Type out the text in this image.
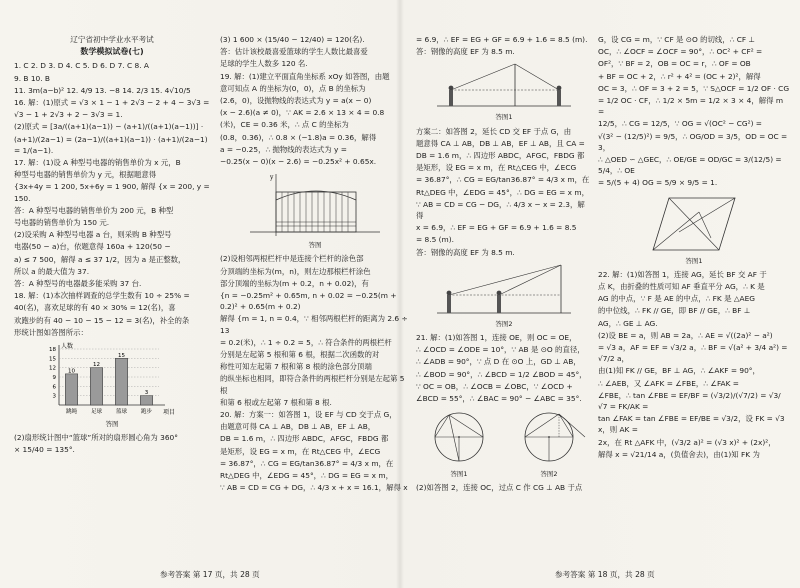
辽宁省初中学业水平考试

数学模拟试卷(七)

1. C 2. D 3. D 4. C 5. D 6. D 7. C 8. A

9. B 10. B

11. 3m(a−b)² 12. 4/9 13. −8 14. 2/3 15. 4√10/5

16. 解：(1)原式 = √3 × 1 − 1 + 2√3 − 2 + 4 − 3√3 =

√3 − 1 + 2√3 + 2 − 3√3 = 1.

(2)原式 = [3a/((a+1)(a−1)) − (a+1)/((a+1)(a−1))] ·

(a+1)/(2a−1) = (2a−1)/((a+1)(a−1)) · (a+1)/(2a−1) = 1/(a−1).

17. 解：(1)设 A 种型号电器的销售单价为 x 元，B

种型号电器的销售单价为 y 元，根据题意得

{3x+4y = 1 200, 5x+6y = 1 900, 解得 {x = 200, y = 150.

答：A 种型号电器的销售单价为 200 元，B 种型

号电器的销售单价为 150 元.

(2)设采购 A 种型号电器 a 台，则采购 B 种型号

电器(50 − a)台，依题意得 160a + 120(50 −

a) ≤ 7 500，解得 a ≤ 37 1/2，因为 a 是正整数，

所以 a 的最大值为 37.

答：A 种型号的电器最多能采购 37 台.

18. 解：(1)本次抽样调查的总学生数有 10 ÷ 25% =

40(名)，喜欢足球的有 40 × 30% = 12(名)，喜

欢跑步的有 40 − 10 − 15 − 12 = 3(名)，补全的条

形统计图如答图所示：

人数
项目
3
6
9
12
15
18
10
跳绳
12
足球
15
篮球
3
跑步
答图

(2)扇形统计图中“篮球”所对的扇形圆心角为 360°

× 15/40 = 135°.

(3) 1 600 × (15/40 − 12/40) = 120(名).

答：估计该校最喜爱篮球的学生人数比最喜爱

足球的学生人数多 120 名.

19. 解：(1)建立平面直角坐标系 xOy 如答图，由题

意可知点 A 的坐标为(0，0)，点 B 的坐标为

(2.6，0)，设抛物线的表达式为 y = a(x − 0)

(x − 2.6)(a ≠ 0)，∵ AK = 2.6 × 13 × 4 = 0.8

(米)，CE = 0.36 米，∴ 点 C 的坐标为

(0.8，0.36)，∴ 0.8 × (−1.8)a = 0.36，解得

a = −0.25，∴ 抛物线的表达式为 y =

−0.25(x − 0)(x − 2.6) = −0.25x² + 0.65x.

y
答图

(2)设相邻两根栏杆中是连接个栏杆的涂色部

分顶端的坐标为(m，n)，则左边那根栏杆涂色

部分顶端的坐标为(m + 0.2，n + 0.02)，有

{n = −0.25m² + 0.65m, n + 0.02 = −0.25(m + 0.2)² + 0.65(m + 0.2)

解得 {m = 1, n = 0.4，∵ 相邻两根栏杆的距离为 2.6 ÷ 13

= 0.2(米)，∴ 1 ÷ 0.2 = 5，∴ 符合条件的两根栏杆

分别是左起第 5 根和第 6 根，根据二次函数的对

称性可知左起第 7 根和第 8 根的涂色部分顶端

的纵坐标也相同，即符合条件的两根栏杆分别是左起第 5 根

和第 6 根或左起第 7 根和第 8 根.

20. 解：方案一：如答图 1，设 EF 与 CD 交于点 G，

由题意可得 CA ⊥ AB，DB ⊥ AB，EF ⊥ AB，

DB = 1.6 m，∴ 四边形 ABDC，AFGC，FBDG 都

是矩形，设 EG = x m，在 Rt△CEG 中，∠ECG

= 36.87°，∴ CG = EG/tan36.87° = 4/3 x m，在

Rt△DEG 中，∠EDG = 45°，∴ DG = EG = x m，

∵ AB = CD = CG + DG，∴ 4/3 x + x = 16.1，解得 x

= 6.9，∴ EF = EG + GF = 6.9 + 1.6 = 8.5 (m).

答：钢像的高度 EF 为 8.5 m.

答图1

方案二：如答图 2，延长 CD 交 EF 于点 G，由

题意得 CA ⊥ AB，DB ⊥ AB，EF ⊥ AB，且 CA =

DB = 1.6 m，∴ 四边形 ABDC，AFGC，FBDG 都

是矩形，设 EG = x m，在 Rt△CEG 中，∠ECG

= 36.87°，∴ CG = EG/tan36.87° = 4/3 x m，在

Rt△DEG 中，∠EDG = 45°，∴ DG = EG = x m，

∵ AB = CD = CG − DG，∴ 4/3 x − x = 2.3，解得

x = 6.9，∴ EF = EG + GF = 6.9 + 1.6 = 8.5

= 8.5 (m).

答：钢像的高度 EF 为 8.5 m.

答图2

21. 解：(1)如答图 1，连接 OE，则 OC = OE，

∴ ∠OCD = ∠ODE = 10°，∵ AB 是 ⊙O 的直径，

∴ ∠ADB = 90°，∵ 点 D 在 ⊙O 上，GD ⊥ AB，

∴ ∠BOD = 90°，∴ ∠BCD = 1/2 ∠BOD = 45°，

∵ OC = OB，∴ ∠OCB = ∠OBC，∵ ∠OCD +

∠BCD = 55°，∴ ∠BAC = 90° − ∠ABC = 35°.

答图1	答图2

(2)如答图 2，连接 OC，过点 C 作 CG ⊥ AB 于点

G，设 CG = m，∵ CF 是 ⊙O 的切线，∴ CF ⊥

OC，∴ ∠OCF = ∠OCF = 90°，∴ OC² + CF² =

OF²，∵ BF = 2，OB = OC = r，∴ OF = OB

+ BF = OC + 2，∴ r² + 4² = (OC + 2)²，解得

OC = 3，∴ OF = 3 + 2 = 5，∵ S△OCF = 1/2 OF · CG

= 1/2 OC · CF，∴ 1/2 × 5m = 1/2 × 3 × 4，解得 m =

12/5，∴ CG = 12/5，∵ OG = √(OC² − CG²) =

√(3² − (12/5)²) = 9/5，∴ OG/OD = 3/5，OD = OC = 3，

∴ △OED ∽ △GEC，∴ OE/GE = OD/GC = 3/(12/5) = 5/4，∴ OE

= 5/(5 + 4) OG = 5/9 × 9/5 = 1.

答图1

22. 解：(1)如答图 1，连接 AG，延长 BF 交 AF 于

点 K，由折叠的性质可知 AF 垂直平分 AG，∴ K 是

AG 的中点，∵ F 是 AE 的中点，∴ FK 是 △AEG

的中位线，∴ FK // GE，即 BF // GE，∴ BF ⊥

AG，∴ GE ⊥ AG.

(2)设 BE = a，则 AB = 2a，∴ AE = √((2a)² − a²)

= √3 a，AF = EF = √3/2 a，∴ BF = √(a² + 3/4 a²) = √7/2 a，

由(1)知 FK // GE，BF ⊥ AG，∴ ∠AKF = 90°，

∴ ∠AEB，又 ∠AFK = ∠FBE，∴ ∠FAK =

∠FBE，∴ tan ∠FBE = EF/BF = (√3/2)/(√7/2) = √3/√7 = FK/AK =

tan ∠FAK = tan ∠FBE = EF/BE = √3/2，设 FK = √3 x，则 AK =

2x，在 Rt △AFK 中，(√3/2 a)² = (√3 x)² + (2x)²，

解得 x = √21/14 a，(负值舍去)，由(1)知 FK 为

参考答案 第 17 页，共 28 页	参考答案 第 18 页，共 28 页
